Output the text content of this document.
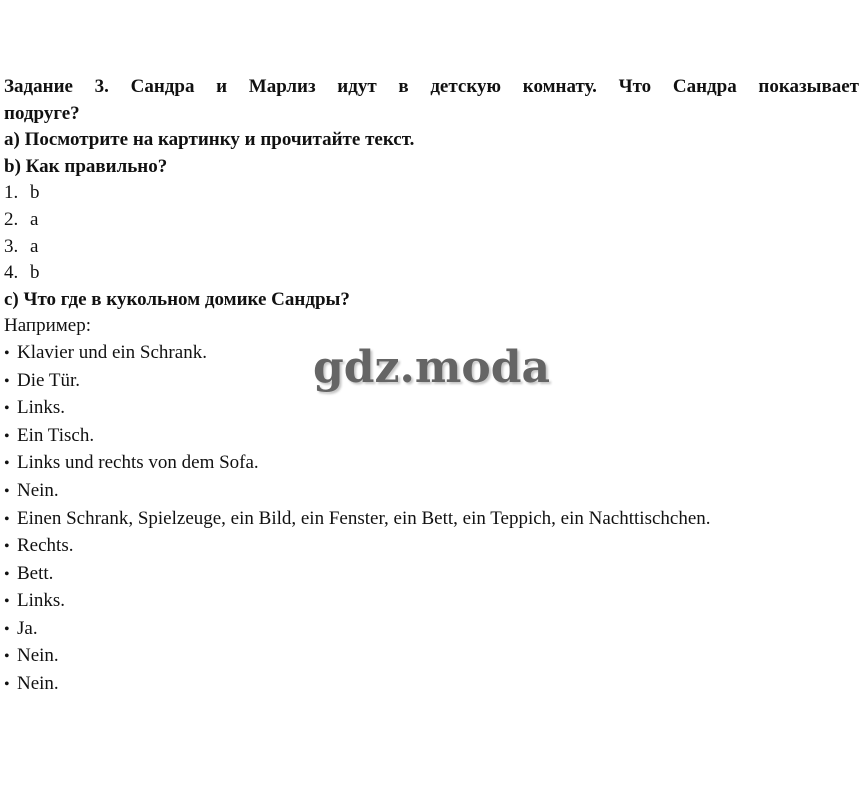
Задание 3. Сандра и Марлиз идут в детскую комнату. Что Сандра показывает
подруге?
a) Посмотрите на картинку и прочитайте текст.
b) Как правильно?
1. b
2. a
3. a
4. b
c) Что где в кукольном домике Сандры?
Например:
• Klavier und ein Schrank.
• Die Tür.
• Links.
• Ein Tisch.
• Links und rechts von dem Sofa.
• Nein.
• Einen Schrank, Spielzeuge, ein Bild, ein Fenster, ein Bett, ein Teppich, ein Nachttischchen.
• Rechts.
• Bett.
• Links.
• Ja.
• Nein.
• Nein.
gdz.moda
